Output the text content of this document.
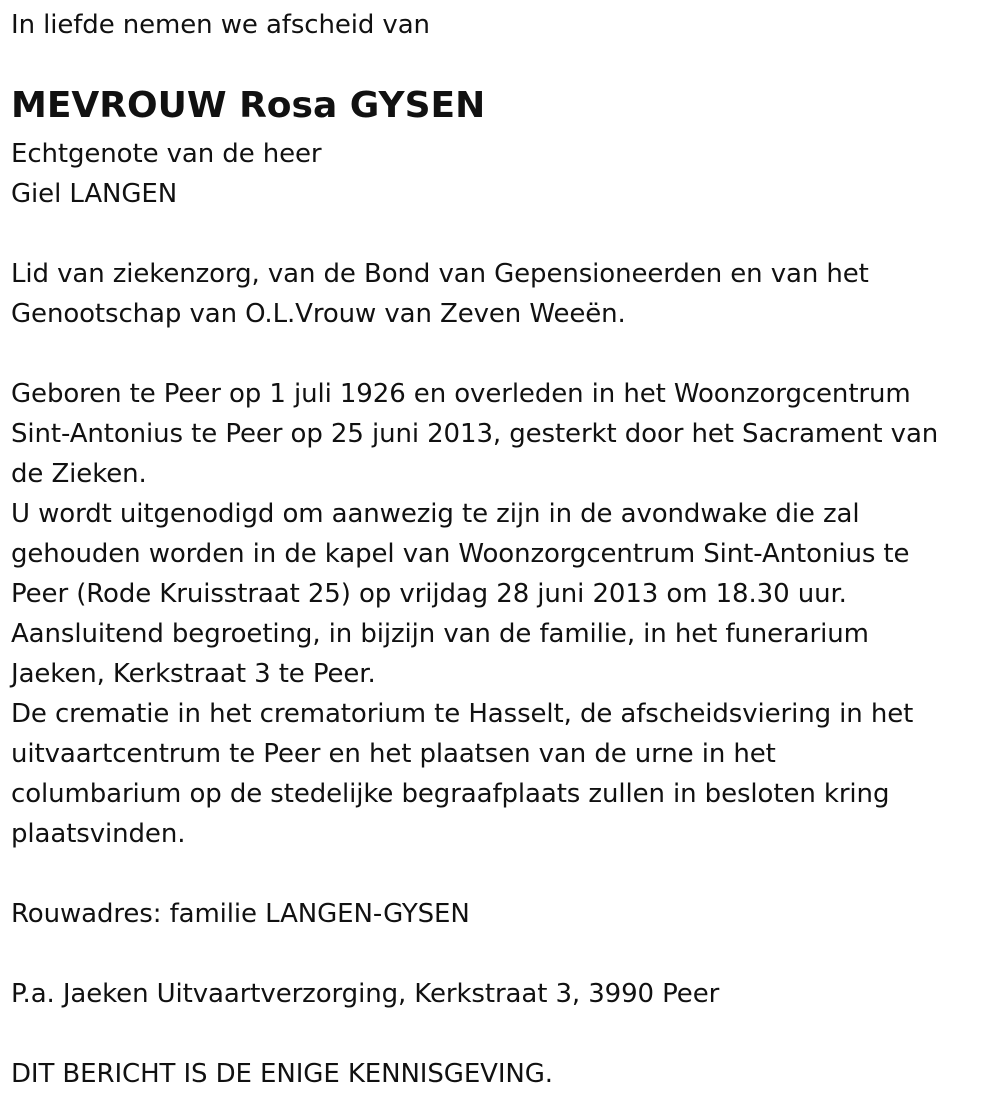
In liefde nemen we afscheid van
MEVROUW Rosa GYSEN
Echtgenote van de heer
Giel LANGEN
Lid van ziekenzorg, van de Bond van Gepensioneerden en van het
Genootschap van O.L.Vrouw van Zeven Weeën.
Geboren te Peer op 1 juli 1926 en overleden in het Woonzorgcentrum
Sint-Antonius te Peer op 25 juni 2013, gesterkt door het Sacrament van
de Zieken.
U wordt uitgenodigd om aanwezig te zijn in de avondwake die zal
gehouden worden in de kapel van Woonzorgcentrum Sint-Antonius te
Peer (Rode Kruisstraat 25) op vrijdag 28 juni 2013 om 18.30 uur.
Aansluitend begroeting, in bijzijn van de familie, in het funerarium
Jaeken, Kerkstraat 3 te Peer.
De crematie in het crematorium te Hasselt, de afscheidsviering in het
uitvaartcentrum te Peer en het plaatsen van de urne in het
columbarium op de stedelijke begraafplaats zullen in besloten kring
plaatsvinden.
Rouwadres: familie LANGEN-GYSEN
P.a. Jaeken Uitvaartverzorging, Kerkstraat 3, 3990 Peer
DIT BERICHT IS DE ENIGE KENNISGEVING.
